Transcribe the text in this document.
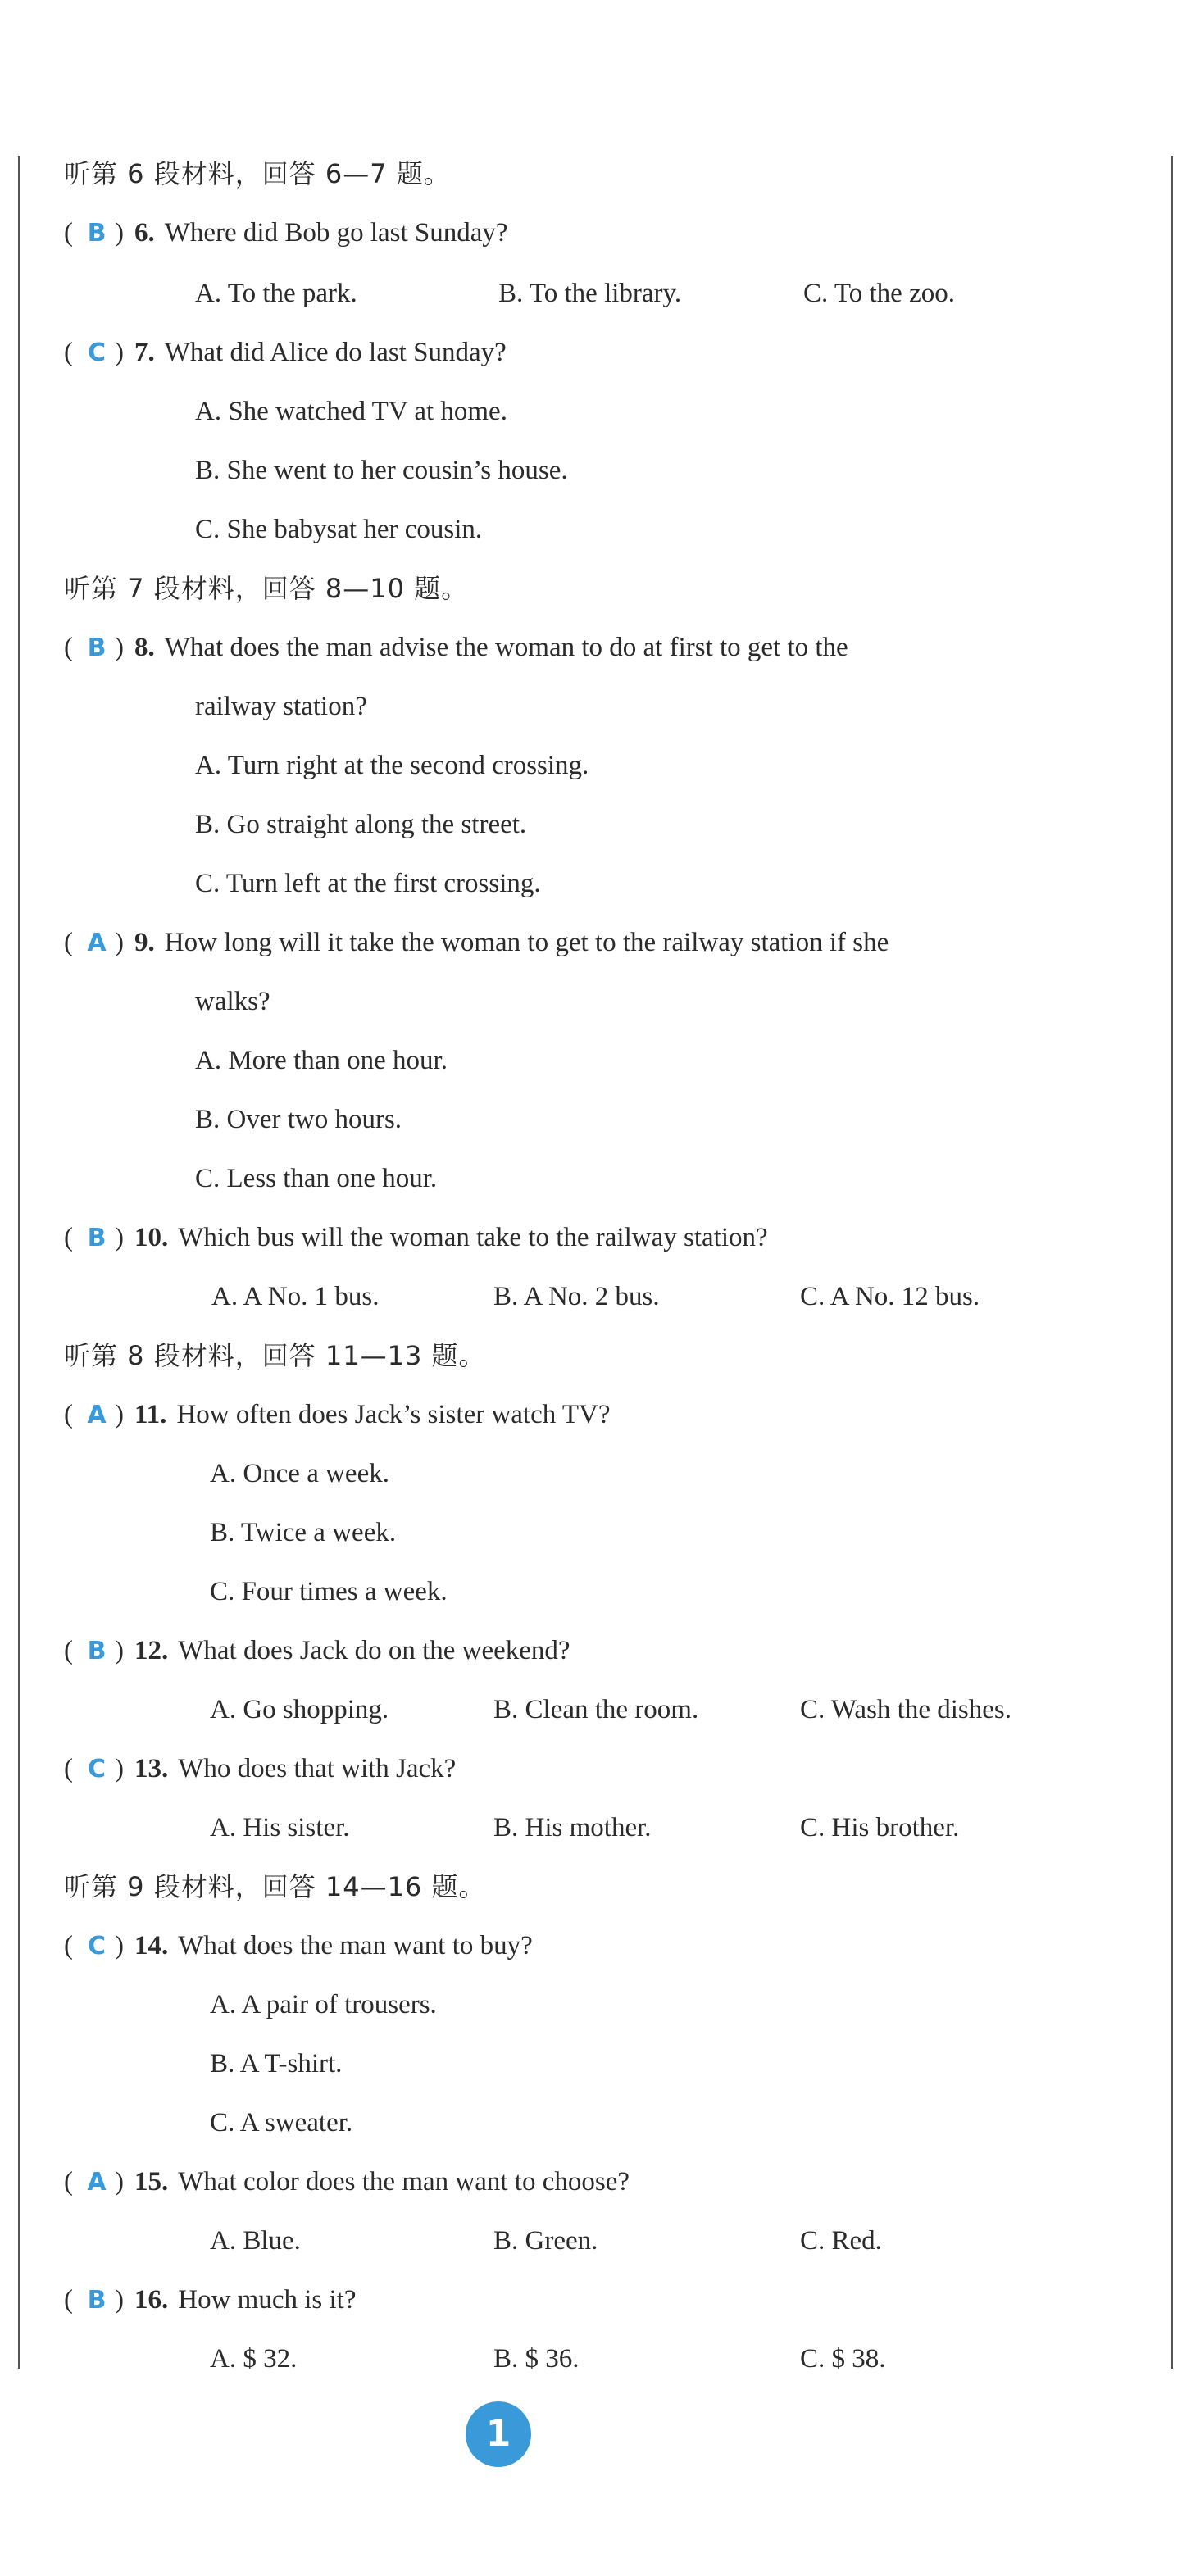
听第 6 段材料，回答 6—7 题。
( B ) 6. Where did Bob go last Sunday?
A. To the park.	B. To the library.	C. To the zoo.
( C ) 7. What did Alice do last Sunday?
A. She watched TV at home.
B. She went to her cousin’s house.
C. She babysat her cousin.
听第 7 段材料，回答 8—10 题。
( B ) 8. What does the man advise the woman to do at first to get to the
railway station?
A. Turn right at the second crossing.
B. Go straight along the street.
C. Turn left at the first crossing.
( A ) 9. How long will it take the woman to get to the railway station if she
walks?
A. More than one hour.
B. Over two hours.
C. Less than one hour.
( B ) 10. Which bus will the woman take to the railway station?
A. A No. 1 bus.	B. A No. 2 bus.	C. A No. 12 bus.
听第 8 段材料，回答 11—13 题。
( A ) 11. How often does Jack’s sister watch TV?
A. Once a week.
B. Twice a week.
C. Four times a week.
( B ) 12. What does Jack do on the weekend?
A. Go shopping.	B. Clean the room.	C. Wash the dishes.
( C ) 13. Who does that with Jack?
A. His sister.	B. His mother.	C. His brother.
听第 9 段材料，回答 14—16 题。
( C ) 14. What does the man want to buy?
A. A pair of trousers.
B. A T-shirt.
C. A sweater.
( A ) 15. What color does the man want to choose?
A. Blue.	B. Green.	C. Red.
( B ) 16. How much is it?
A. $ 32.	B. $ 36.	C. $ 38.
1
